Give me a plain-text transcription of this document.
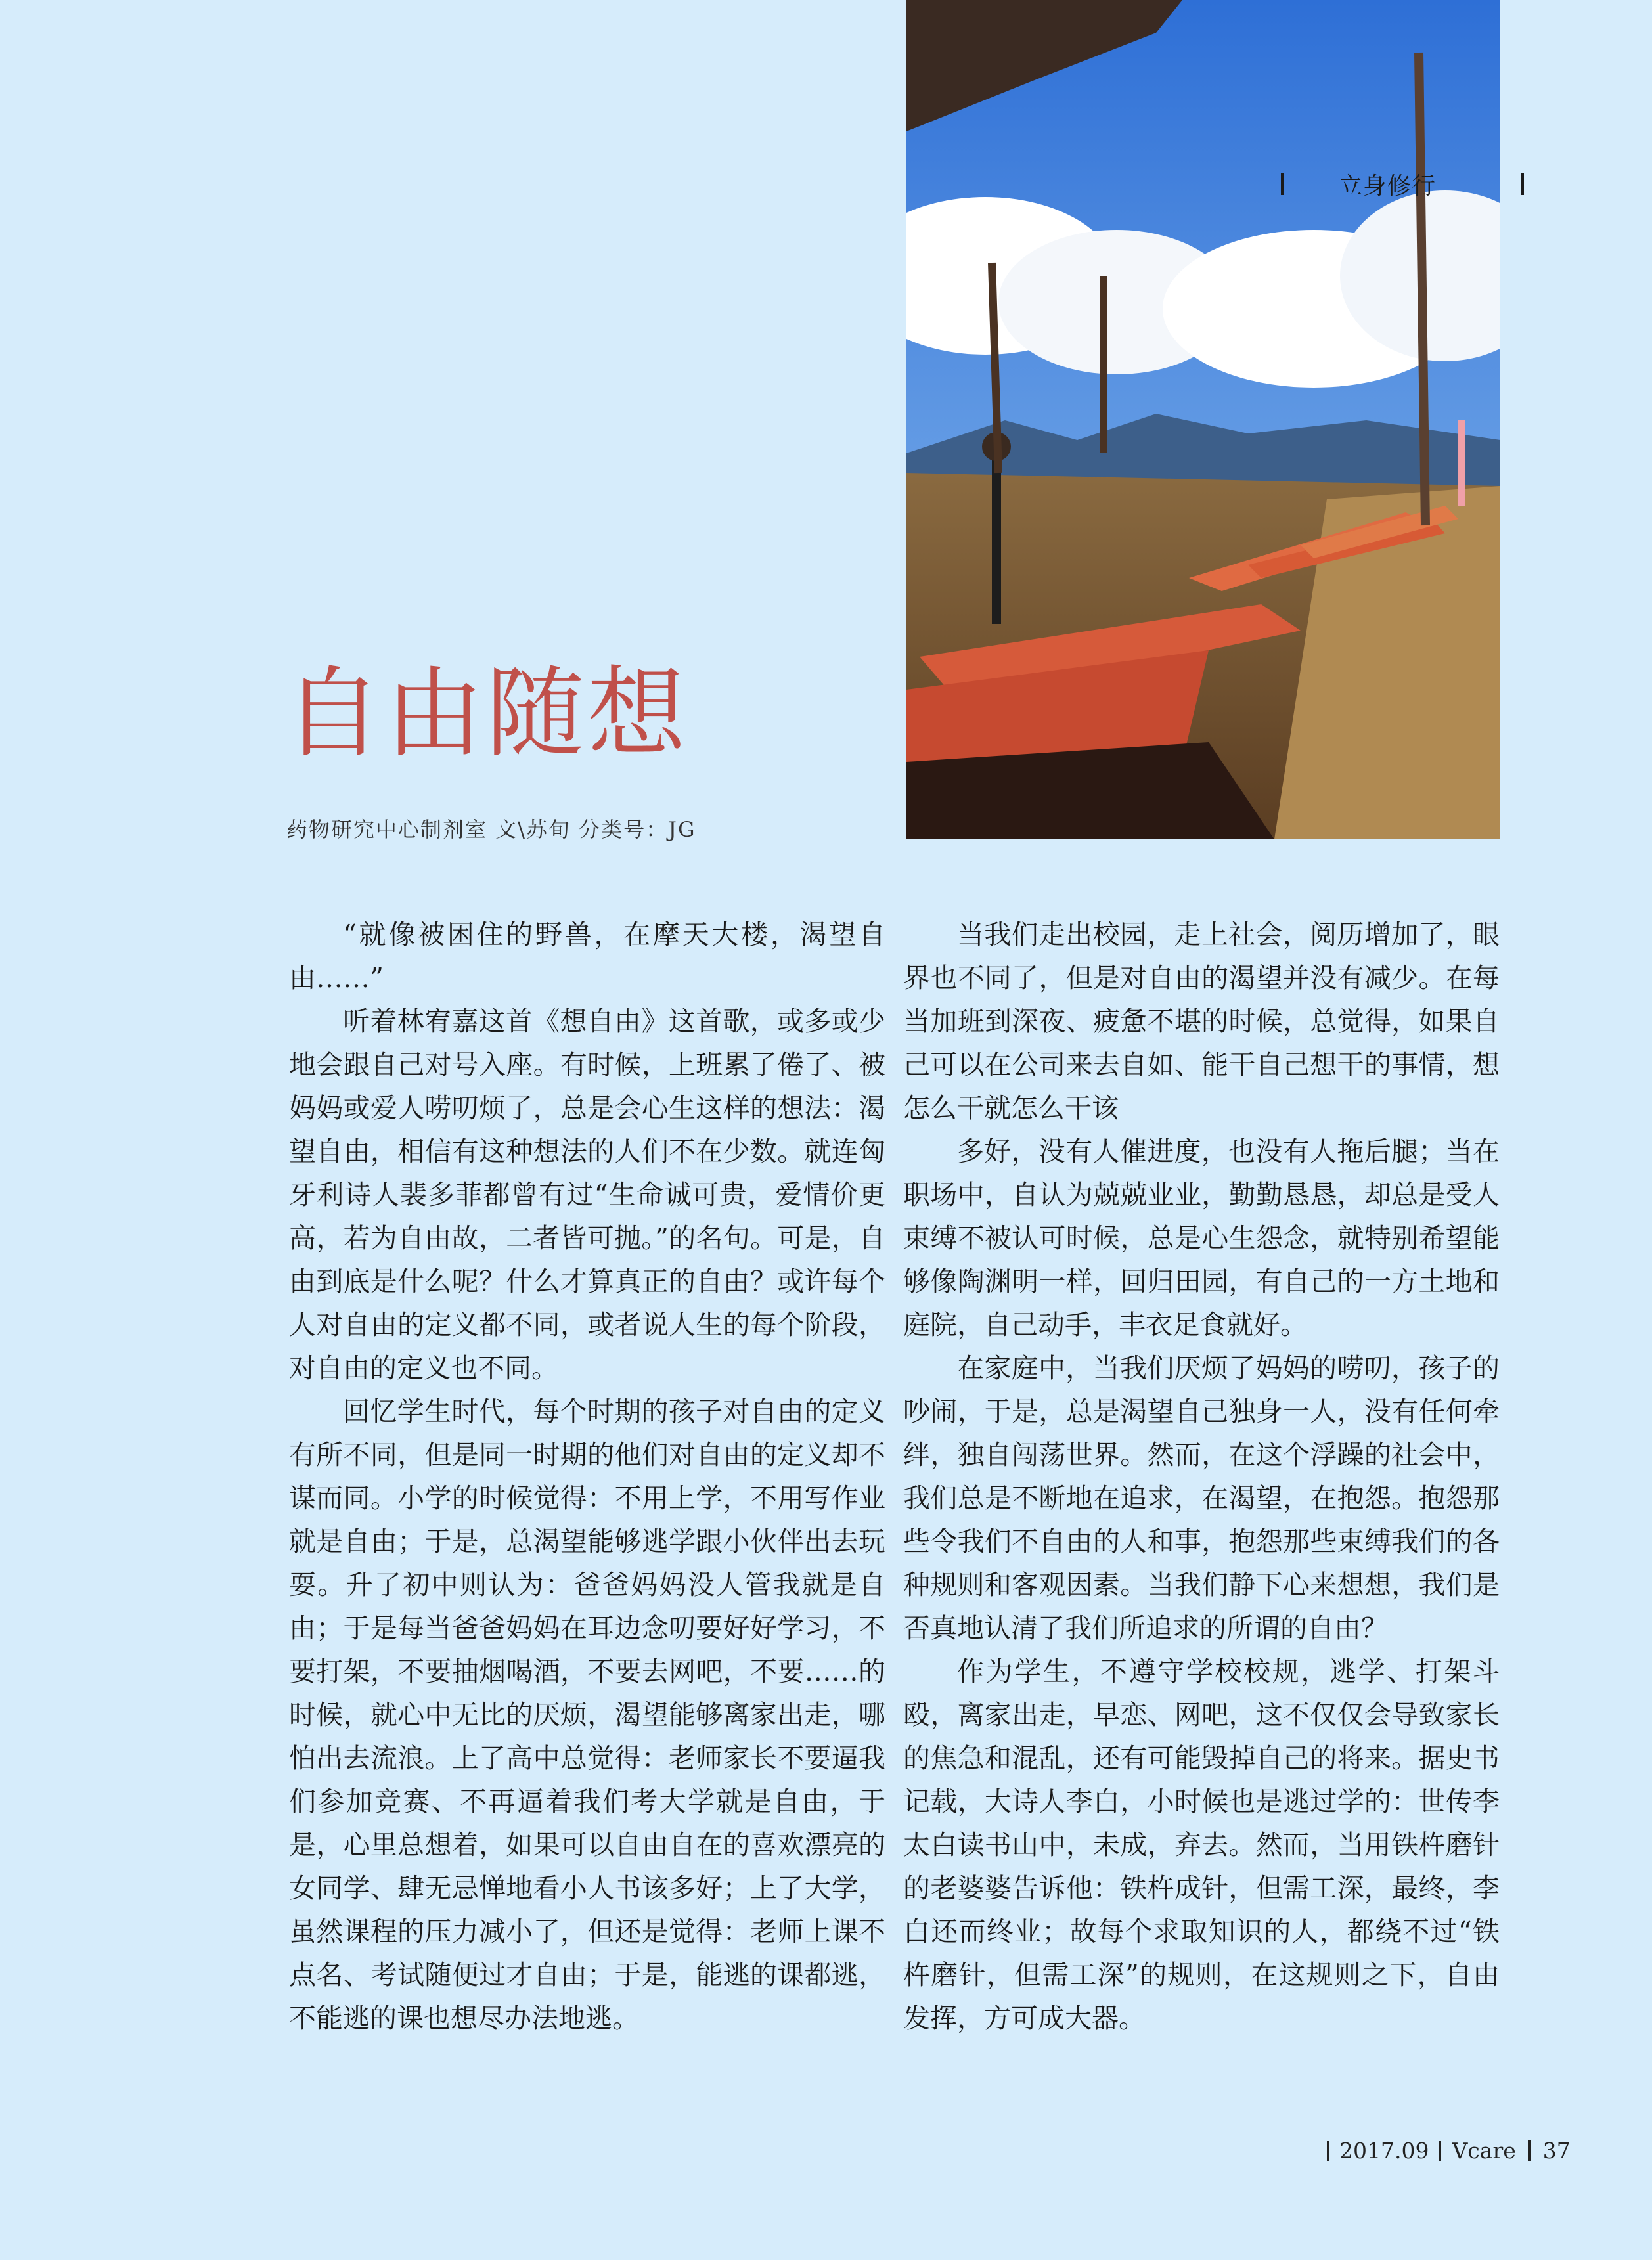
立身修行
自由随想
药物研究中心制剂室 文\苏旬 分类号：JG

“就像被困住的野兽，在摩天大楼，渴望自由……”

听着林宥嘉这首《想自由》这首歌，或多或少地会跟自己对号入座。有时候，上班累了倦了、被妈妈或爱人唠叨烦了，总是会心生这样的想法：渴望自由，相信有这种想法的人们不在少数。就连匈牙利诗人裴多菲都曾有过“生命诚可贵，爱情价更高，若为自由故，二者皆可抛。”的名句。可是，自由到底是什么呢？什么才算真正的自由？或许每个人对自由的定义都不同，或者说人生的每个阶段，对自由的定义也不同。

回忆学生时代，每个时期的孩子对自由的定义有所不同，但是同一时期的他们对自由的定义却不谋而同。小学的时候觉得：不用上学，不用写作业就是自由；于是，总渴望能够逃学跟小伙伴出去玩耍。升了初中则认为：爸爸妈妈没人管我就是自由；于是每当爸爸妈妈在耳边念叨要好好学习，不要打架，不要抽烟喝酒，不要去网吧，不要……的时候，就心中无比的厌烦，渴望能够离家出走，哪怕出去流浪。上了高中总觉得：老师家长不要逼我们参加竞赛、不再逼着我们考大学就是自由，于是，心里总想着，如果可以自由自在的喜欢漂亮的女同学、肆无忌惮地看小人书该多好；上了大学，虽然课程的压力减小了，但还是觉得：老师上课不点名、考试随便过才自由；于是，能逃的课都逃，不能逃的课也想尽办法地逃。

当我们走出校园，走上社会，阅历增加了，眼界也不同了，但是对自由的渴望并没有减少。在每当加班到深夜、疲惫不堪的时候，总觉得，如果自己可以在公司来去自如、能干自己想干的事情，想怎么干就怎么干该

多好，没有人催进度，也没有人拖后腿；当在职场中，自认为兢兢业业，勤勤恳恳，却总是受人束缚不被认可时候，总是心生怨念，就特别希望能够像陶渊明一样，回归田园，有自己的一方土地和庭院，自己动手，丰衣足食就好。

在家庭中，当我们厌烦了妈妈的唠叨，孩子的吵闹，于是，总是渴望自己独身一人，没有任何牵绊，独自闯荡世界。然而，在这个浮躁的社会中，我们总是不断地在追求，在渴望，在抱怨。抱怨那些令我们不自由的人和事，抱怨那些束缚我们的各种规则和客观因素。当我们静下心来想想，我们是否真地认清了我们所追求的所谓的自由？

作为学生，不遵守学校校规，逃学、打架斗殴，离家出走，早恋、网吧，这不仅仅会导致家长的焦急和混乱，还有可能毁掉自己的将来。据史书记载，大诗人李白，小时候也是逃过学的：世传李太白读书山中，未成，弃去。然而，当用铁杵磨针的老婆婆告诉他：铁杵成针，但需工深，最终，李白还而终业；故每个求取知识的人，都绕不过“铁杵磨针，但需工深”的规则，在这规则之下，自由发挥，方可成大器。

2017.09 Vcare 37
